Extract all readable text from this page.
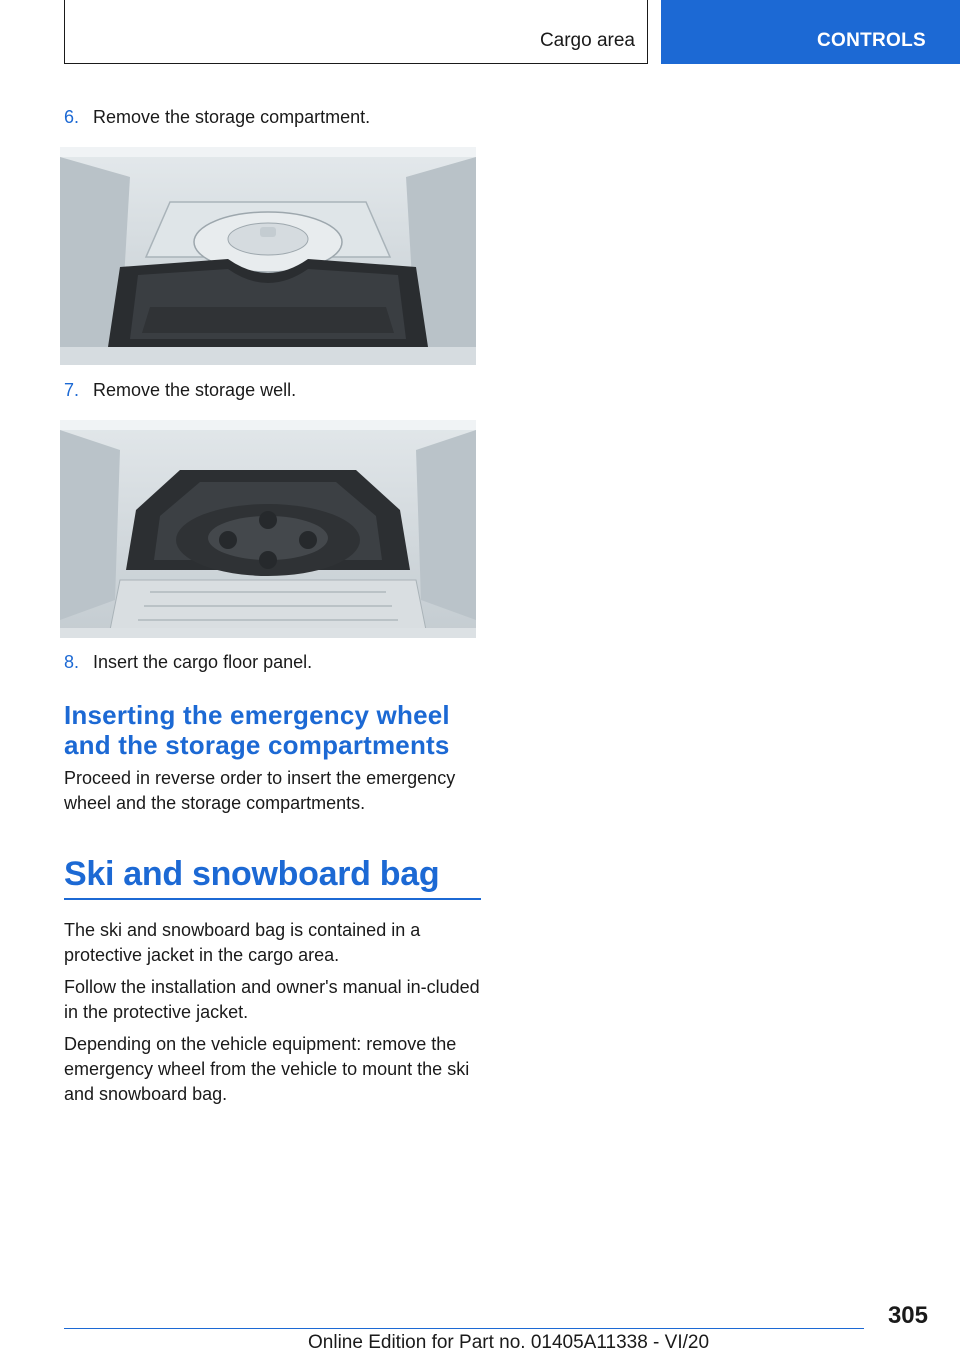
Cargo area	CONTROLS
6. Remove the storage compartment.
7. Remove the storage well.
8. Insert the cargo floor panel.
Inserting the emergency wheel and the storage compartments

Proceed in reverse order to insert the emergency wheel and the storage compartments.

Ski and snowboard bag

The ski and snowboard bag is contained in a protective jacket in the cargo area.

Follow the installation and owner's manual in-cluded in the protective jacket.

Depending on the vehicle equipment: remove the emergency wheel from the vehicle to mount the ski and snowboard bag.

305
Online Edition for Part no. 01405A11338 - VI/20
